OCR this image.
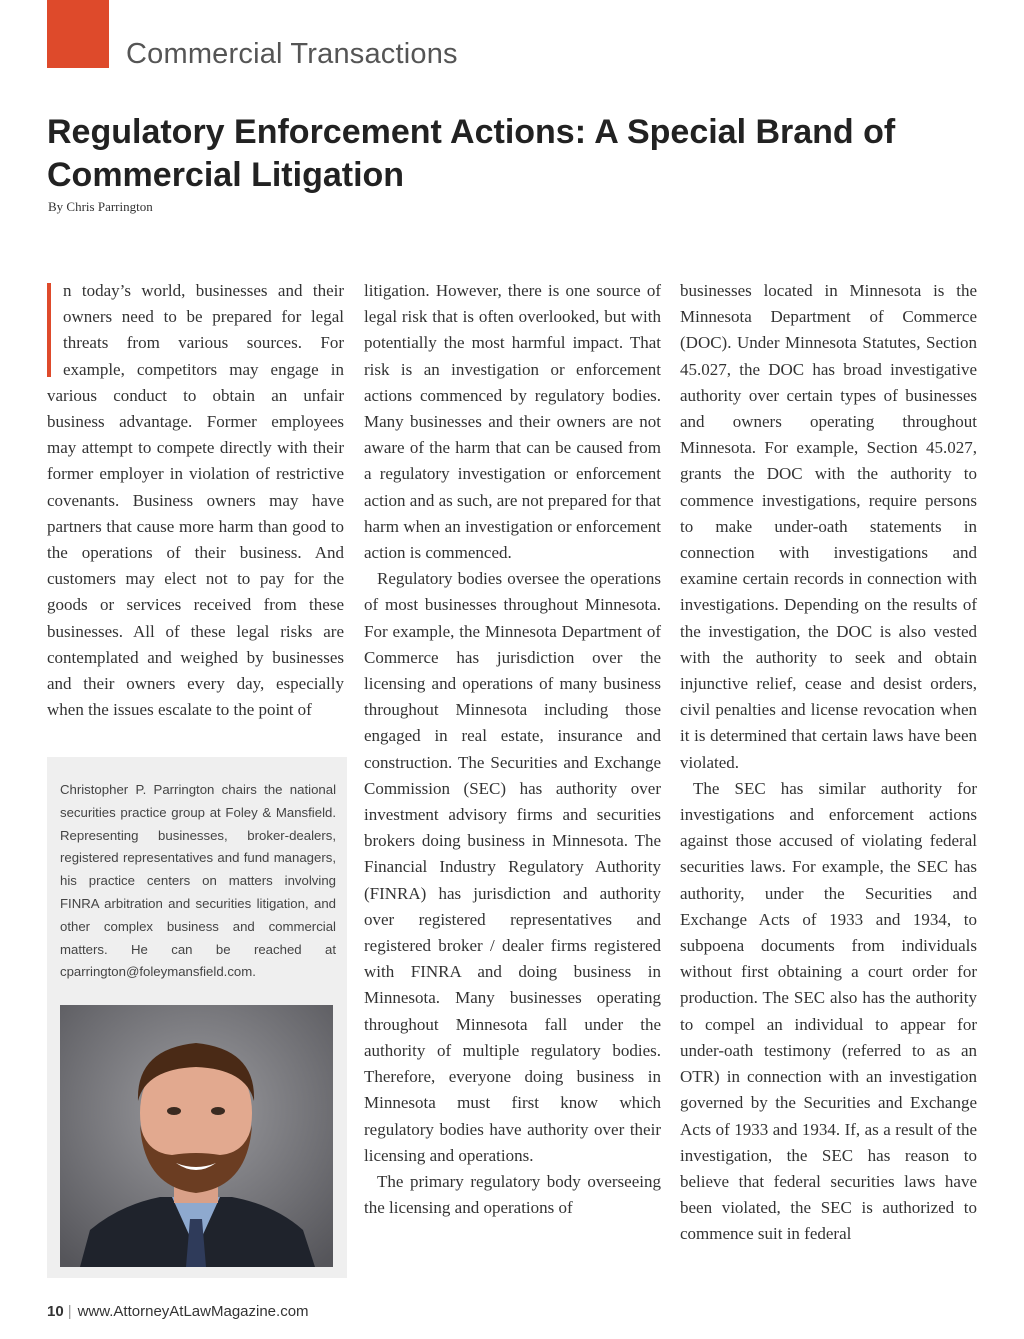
Commercial Transactions
Regulatory Enforcement Actions: A Special Brand of Commercial Litigation
By Chris Parrington

n today’s world, businesses and their owners need to be prepared for legal threats from various sources. For example, competitors may engage in various conduct to obtain an unfair business advantage. Former employees may attempt to compete directly with their former employer in violation of restrictive covenants. Business owners may have partners that cause more harm than good to the operations of their business. And customers may elect not to pay for the goods or services received from these businesses. All of these legal risks are contemplated and weighed by businesses and their owners every day, especially when the issues escalate to the point of

Christopher P. Parrington chairs the national securities practice group at Foley & Mansfield. Representing businesses, broker-dealers, registered representatives and fund managers, his practice centers on matters involving FINRA arbitration and securities litigation, and other complex business and commercial matters. He can be reached at cparrington@foleymansfield.com.

litigation. However, there is one source of legal risk that is often overlooked, but with potentially the most harmful impact. That risk is an investigation or enforcement actions commenced by regulatory bodies. Many businesses and their owners are not aware of the harm that can be caused from a regulatory investigation or enforcement action and as such, are not prepared for that harm when an investigation or enforcement action is commenced.

Regulatory bodies oversee the operations of most businesses throughout Minnesota. For example, the Minnesota Department of Commerce has jurisdiction over the licensing and operations of many business throughout Minnesota including those engaged in real estate, insurance and construction. The Securities and Exchange Commission (SEC) has authority over investment advisory firms and securities brokers doing business in Minnesota. The Financial Industry Regulatory Authority (FINRA) has jurisdiction and authority over registered representatives and registered broker / dealer firms registered with FINRA and doing business in Minnesota. Many businesses operating throughout Minnesota fall under the authority of multiple regulatory bodies. Therefore, everyone doing business in Minnesota must first know which regulatory bodies have authority over their licensing and operations.

The primary regulatory body overseeing the licensing and operations of

businesses located in Minnesota is the Minnesota Department of Commerce (DOC). Under Minnesota Statutes, Section 45.027, the DOC has broad investigative authority over certain types of businesses and owners operating throughout Minnesota. For example, Section 45.027, grants the DOC with the authority to commence investigations, require persons to make under-oath statements in connection with investigations and examine certain records in connection with investigations. Depending on the results of the investigation, the DOC is also vested with the authority to seek and obtain injunctive relief, cease and desist orders, civil penalties and license revocation when it is determined that certain laws have been violated.

The SEC has similar authority for investigations and enforcement actions against those accused of violating federal securities laws. For example, the SEC has authority, under the Securities and Exchange Acts of 1933 and 1934, to subpoena documents from individuals without first obtaining a court order for production. The SEC also has the authority to compel an individual to appear for under-oath testimony (referred to as an OTR) in connection with an investigation governed by the Securities and Exchange Acts of 1933 and 1934. If, as a result of the investigation, the SEC has reason to believe that federal securities laws have been violated, the SEC is authorized to commence suit in federal

10 | www.AttorneyAtLawMagazine.com
